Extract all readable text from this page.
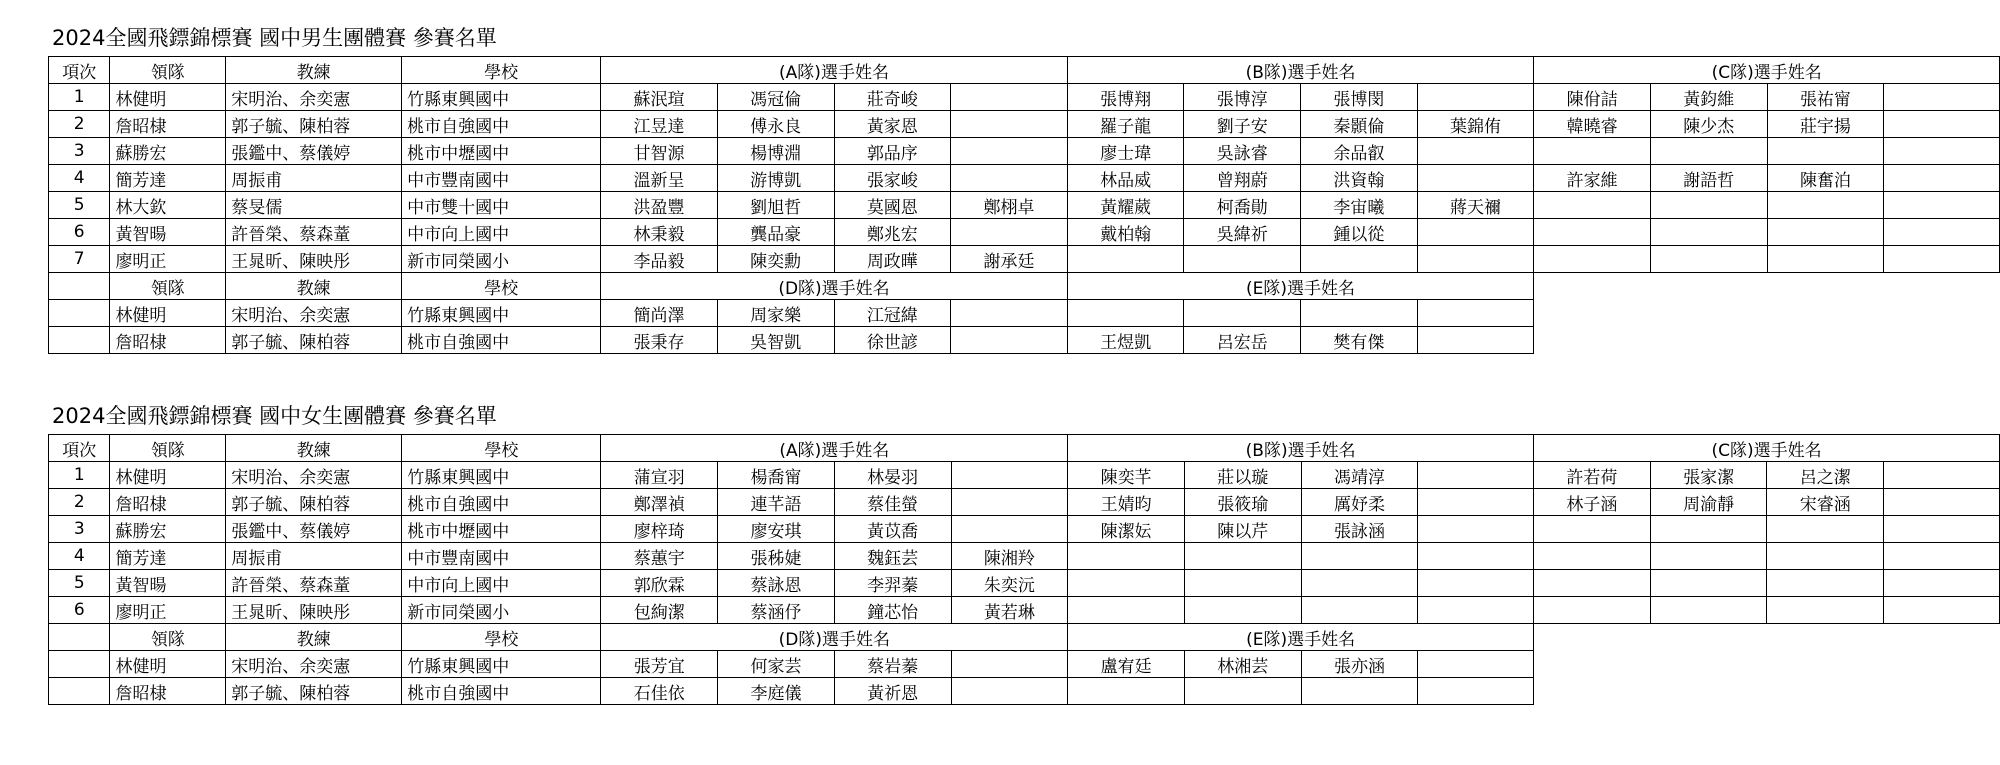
2024全國飛鏢錦標賽 國中男生團體賽 參賽名單
項次	領隊	教練	學校	(A隊)選手姓名				(B隊)選手姓名				(C隊)選手姓名			
1	林健明	宋明治、余奕憲	竹縣東興國中	蘇泯瑄	馮冠倫	莊奇峻		張博翔	張博淳	張博閔		陳佾詰	黃鈞維	張祐甯	
2	詹昭棣	郭子毓、陳柏蓉	桃市自強國中	江昱達	傅永良	黃家恩		羅子龍	劉子安	秦顥倫	葉錦侑	韓曉睿	陳少杰	莊宇揚	
3	蘇勝宏	張鑑中、蔡儀婷	桃市中壢國中	甘智源	楊博淵	郭品序		廖士瑋	吳詠睿	余品叡					
4	簡芳達	周振甫	中市豐南國中	溫新呈	游博凱	張家峻		林品威	曾翔蔚	洪資翰		許家維	謝語哲	陳奮泊	
5	林大欽	蔡旻儒	中市雙十國中	洪盈豐	劉旭哲	莫國恩	鄭栩卓	黃耀葳	柯喬勛	李宙曦	蔣天禰				
6	黃智暘	許晉榮、蔡森蕫	中市向上國中	林秉毅	龔品豪	鄭兆宏		戴柏翰	吳緯祈	鍾以從					
7	廖明正	王晁昕、陳映彤	新市同榮國小	李品毅	陳奕勳	周政曄	謝承廷								
	領隊	教練	學校	(D隊)選手姓名				(E隊)選手姓名							
	林健明	宋明治、余奕憲	竹縣東興國中	簡尚澤	周家樂	江冠緯									
	詹昭棣	郭子毓、陳柏蓉	桃市自強國中	張秉存	吳智凱	徐世諺		王煜凱	呂宏岳	樊有傑					
2024全國飛鏢錦標賽 國中女生團體賽 參賽名單
項次	領隊	教練	學校	(A隊)選手姓名				(B隊)選手姓名				(C隊)選手姓名			
1	林健明	宋明治、余奕憲	竹縣東興國中	蒲宣羽	楊喬甯	林晏羽		陳奕芊	莊以璇	馮靖淳		許若荷	張家潔	呂之潔	
2	詹昭棣	郭子毓、陳柏蓉	桃市自強國中	鄭澤禎	連芊語	蔡佳螢		王婧昀	張筱瑜	厲妤柔		林子涵	周渝靜	宋睿涵	
3	蘇勝宏	張鑑中、蔡儀婷	桃市中壢國中	廖梓琦	廖安琪	黃苡喬		陳潔妘	陳以芹	張詠涵					
4	簡芳達	周振甫	中市豐南國中	蔡蕙宇	張秭婕	魏鈺芸	陳湘羚								
5	黃智暘	許晉榮、蔡森蕫	中市向上國中	郭欣霖	蔡詠恩	李羿蓁	朱奕沅								
6	廖明正	王晁昕、陳映彤	新市同榮國小	包絢潔	蔡涵伃	鐘芯怡	黃若琳								
	領隊	教練	學校	(D隊)選手姓名				(E隊)選手姓名							
	林健明	宋明治、余奕憲	竹縣東興國中	張芳宜	何家芸	蔡岩蓁		盧宥廷	林湘芸	張亦涵					
	詹昭棣	郭子毓、陳柏蓉	桃市自強國中	石佳依	李庭儀	黃祈恩									
